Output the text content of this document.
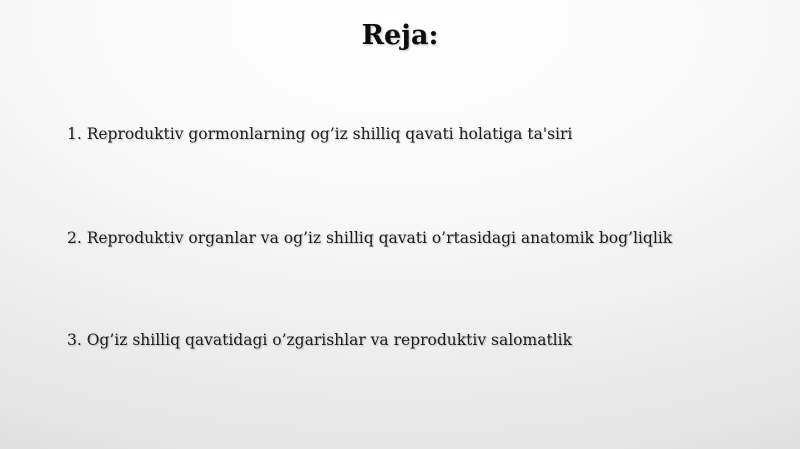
Reja:
1. Reproduktiv gormonlarning og’iz shilliq qavati holatiga ta'siri
2. Reproduktiv organlar va og’iz shilliq qavati o’rtasidagi anatomik bog’liqlik
3. Og’iz shilliq qavatidagi o’zgarishlar va reproduktiv salomatlik
